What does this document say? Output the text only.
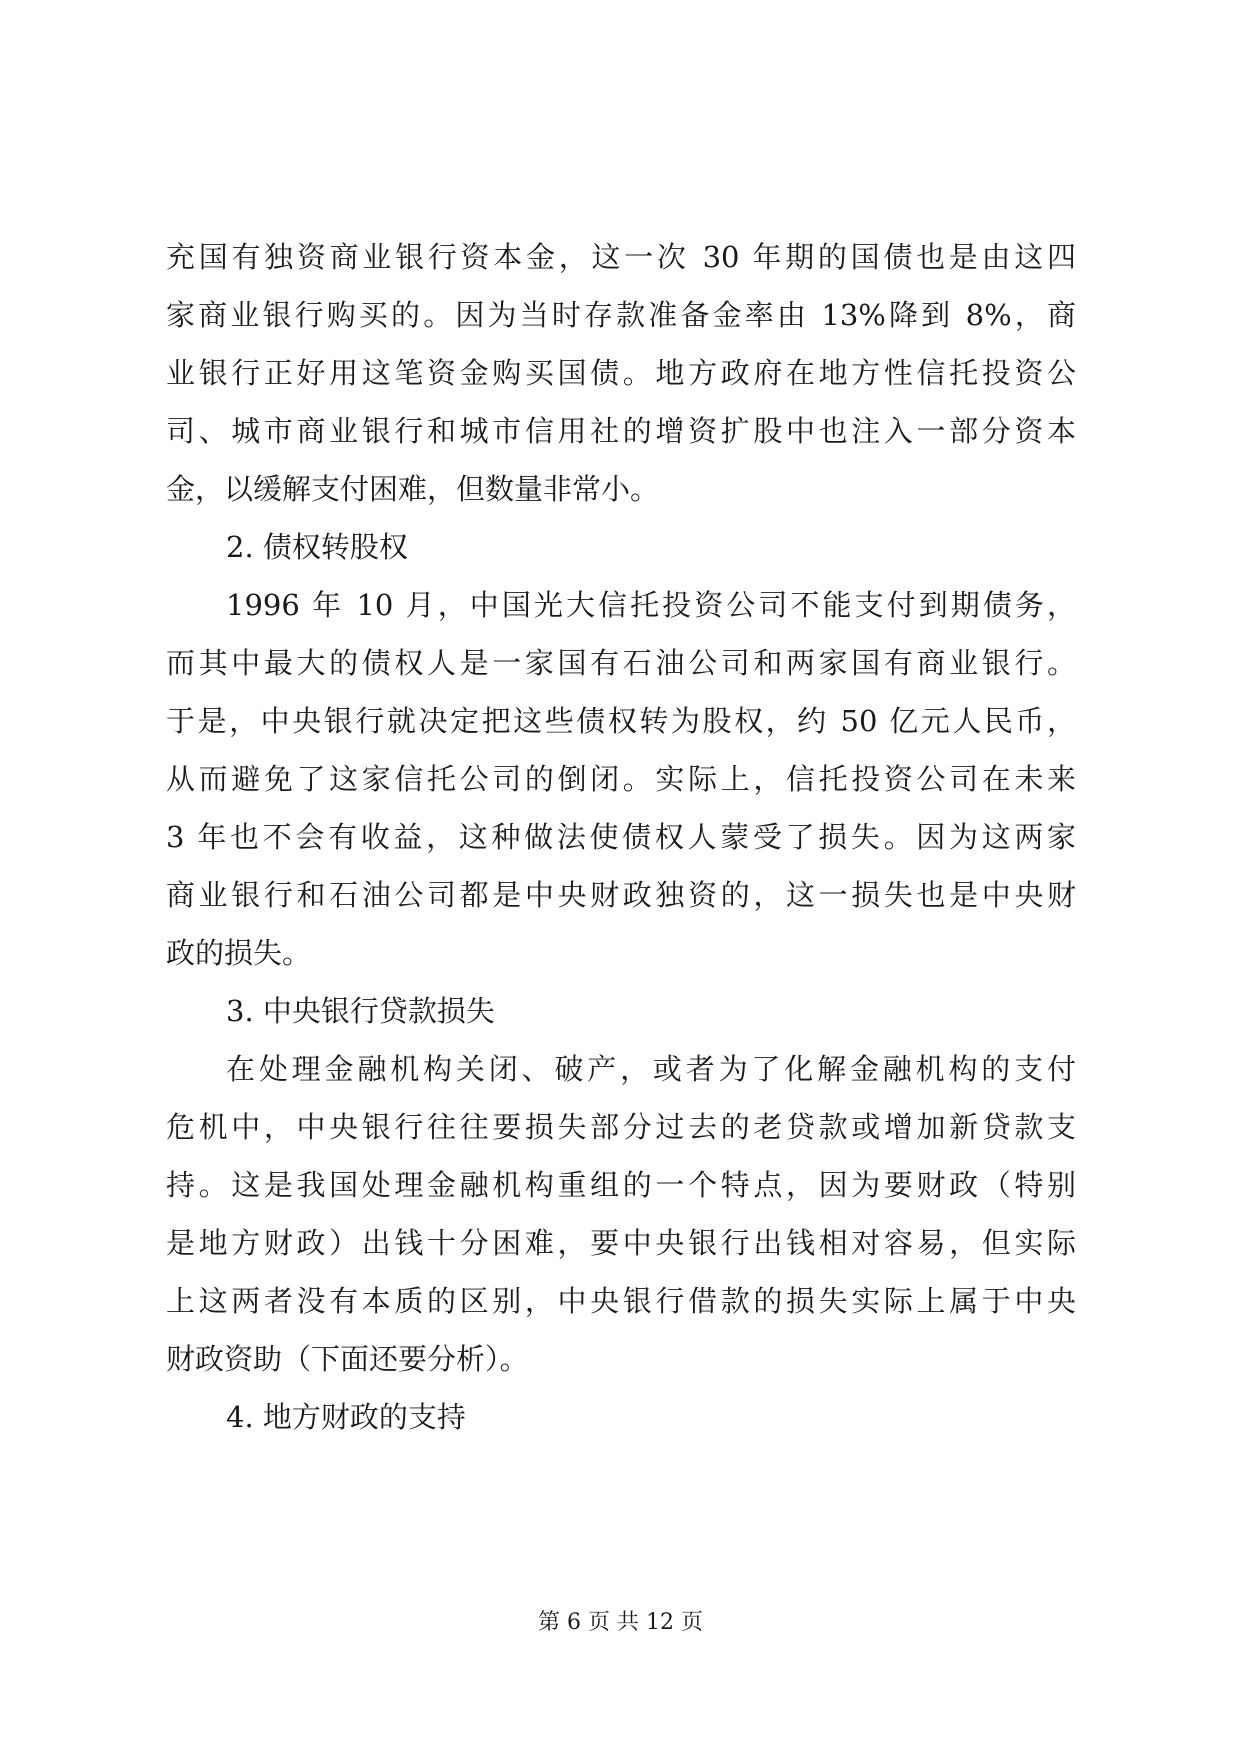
充国有独资商业银行资本金，这一次 30 年期的国债也是由这四
家商业银行购买的。因为当时存款准备金率由 13%降到 8%，商
业银行正好用这笔资金购买国债。地方政府在地方性信托投资公
司、城市商业银行和城市信用社的增资扩股中也注入一部分资本
金，以缓解支付困难，但数量非常小。
2. 债权转股权
1996 年 10 月，中国光大信托投资公司不能支付到期债务，
而其中最大的债权人是一家国有石油公司和两家国有商业银行。
于是，中央银行就决定把这些债权转为股权，约 50 亿元人民币，
从而避免了这家信托公司的倒闭。实际上，信托投资公司在未来
3 年也不会有收益，这种做法使债权人蒙受了损失。因为这两家
商业银行和石油公司都是中央财政独资的，这一损失也是中央财
政的损失。
3. 中央银行贷款损失
在处理金融机构关闭、破产，或者为了化解金融机构的支付
危机中，中央银行往往要损失部分过去的老贷款或增加新贷款支
持。这是我国处理金融机构重组的一个特点，因为要财政（特别
是地方财政）出钱十分困难，要中央银行出钱相对容易，但实际
上这两者没有本质的区别，中央银行借款的损失实际上属于中央
财政资助（下面还要分析）。
4. 地方财政的支持
第 6 页 共 12 页
